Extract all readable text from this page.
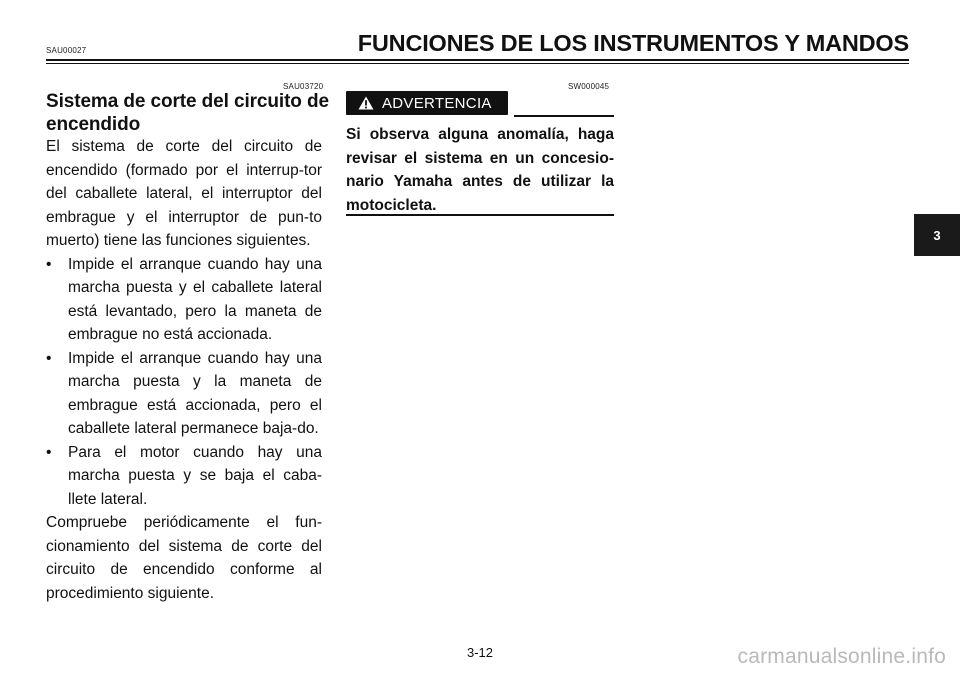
SAU00027	FUNCIONES DE LOS INSTRUMENTOS Y MANDOS
SAU03720
Sistema de corte del circuito de encendido
El sistema de corte del circuito de encendido (formado por el interrup-tor del caballete lateral, el interruptor del embrague y el interruptor de pun-to muerto) tiene las funciones siguientes.
• Impide el arranque cuando hay una marcha puesta y el caballete lateral está levantado, pero la maneta de embrague no está accionada.
• Impide el arranque cuando hay una marcha puesta y la maneta de embrague está accionada, pero el caballete lateral permanece baja-do.
• Para el motor cuando hay una marcha puesta y se baja el caba-llete lateral.
Compruebe periódicamente el fun-cionamiento del sistema de corte del circuito de encendido conforme al procedimiento siguiente.
SW000045
ADVERTENCIA
Si observa alguna anomalía, haga revisar el sistema en un concesio-nario Yamaha antes de utilizar la motocicleta.
3
3-12	carmanualsonline.info
